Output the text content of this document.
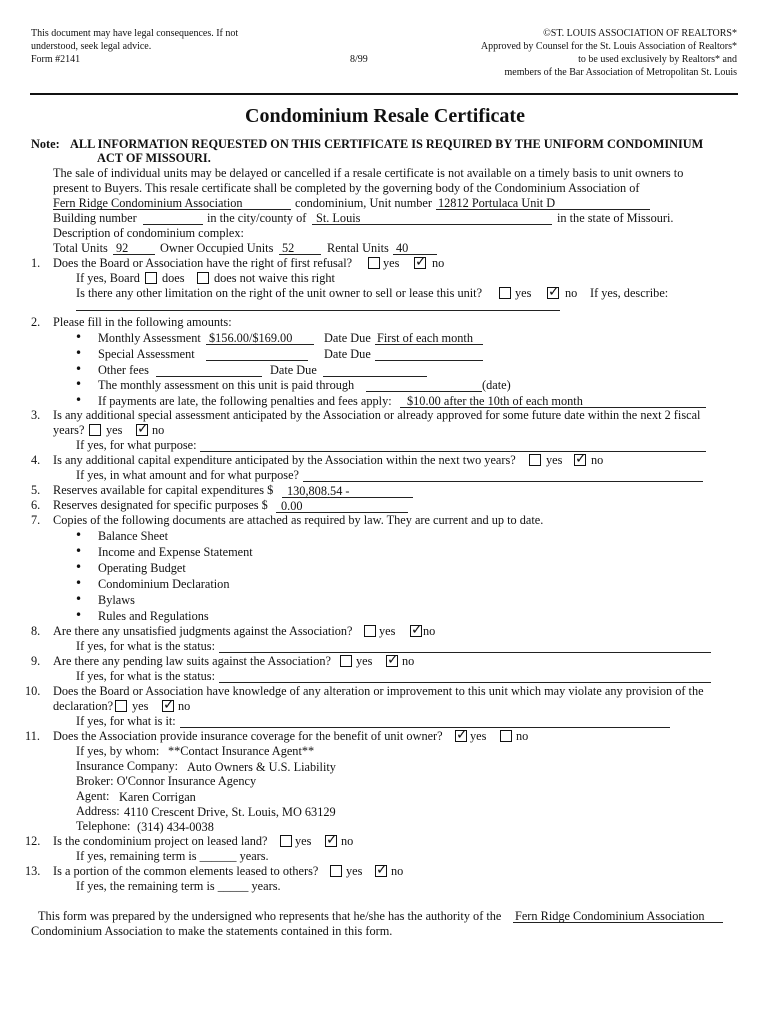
This document may have legal consequences. If not
understood, seek legal advice.
Form #2141	8/99
©ST. LOUIS ASSOCIATION OF REALTORS*
Approved by Counsel for the St. Louis Association of Realtors*
to be used exclusively by Realtors* and
members of the Bar Association of Metropolitan St. Louis
Condominium Resale Certificate
Note: ALL INFORMATION REQUESTED ON THIS CERTIFICATE IS REQUIRED BY THE UNIFORM CONDOMINIUM
ACT OF MISSOURI.
The sale of individual units may be delayed or cancelled if a resale certificate is not available on a timely basis to unit owners to
present to Buyers. This resale certificate shall be completed by the governing body of the Condominium Association of
Fern Ridge Condominium Association	condominium, Unit number 12812 Portulaca Unit D
Building number	in the city/county of St. Louis	in the state of Missouri.
Description of condominium complex:
Total Units 92	Owner Occupied Units 52	Rental Units 40
1. Does the Board or Association have the right of first refusal?	yes ✓ no
If yes, Board does does not waive this right
Is there any other limitation on the right of the unit owner to sell or lease this unit?	yes ✓ no If yes, describe:
2. Please fill in the following amounts:
• Monthly Assessment $156.00/$169.00	Date Due First of each month
• Special Assessment	Date Due
• Other fees	Date Due
• The monthly assessment on this unit is paid through	(date)
• If payments are late, the following penalties and fees apply: $10.00 after the 10th of each month
3. Is any additional special assessment anticipated by the Association or already approved for some future date within the next 2 fiscal
years? yes ✓ no
If yes, for what purpose:
4. Is any additional capital expenditure anticipated by the Association within the next two years? yes ✓ no
If yes, in what amount and for what purpose?
5. Reserves available for capital expenditures $ 130,808.54 -
6. Reserves designated for specific purposes $ 0.00
7. Copies of the following documents are attached as required by law. They are current and up to date.
• Balance Sheet
• Income and Expense Statement
• Operating Budget
• Condominium Declaration
• Bylaws
• Rules and Regulations
8. Are there any unsatisfied judgments against the Association? yes ✓ no
If yes, for what is the status:
9. Are there any pending law suits against the Association? yes ✓ no
If yes, for what is the status:
10. Does the Board or Association have knowledge of any alteration or improvement to this unit which may violate any provision of the
declaration? yes ✓ no
If yes, for what is it:
11. Does the Association provide insurance coverage for the benefit of unit owner? ✓ yes no
If yes, by whom: **Contact Insurance Agent**
Insurance Company: Auto Owners & U.S. Liability
Broker: O'Connor Insurance Agency
Agent: Karen Corrigan
Address: 4110 Crescent Drive, St. Louis, MO 63129
Telephone: (314) 434-0038
12. Is the condominium project on leased land? yes ✓ no
If yes, remaining term is ______ years.
13. Is a portion of the common elements leased to others? yes ✓ no
If yes, the remaining term is _____ years.
This form was prepared by the undersigned who represents that he/she has the authority of the Fern Ridge Condominium Association
Condominium Association to make the statements contained in this form.
